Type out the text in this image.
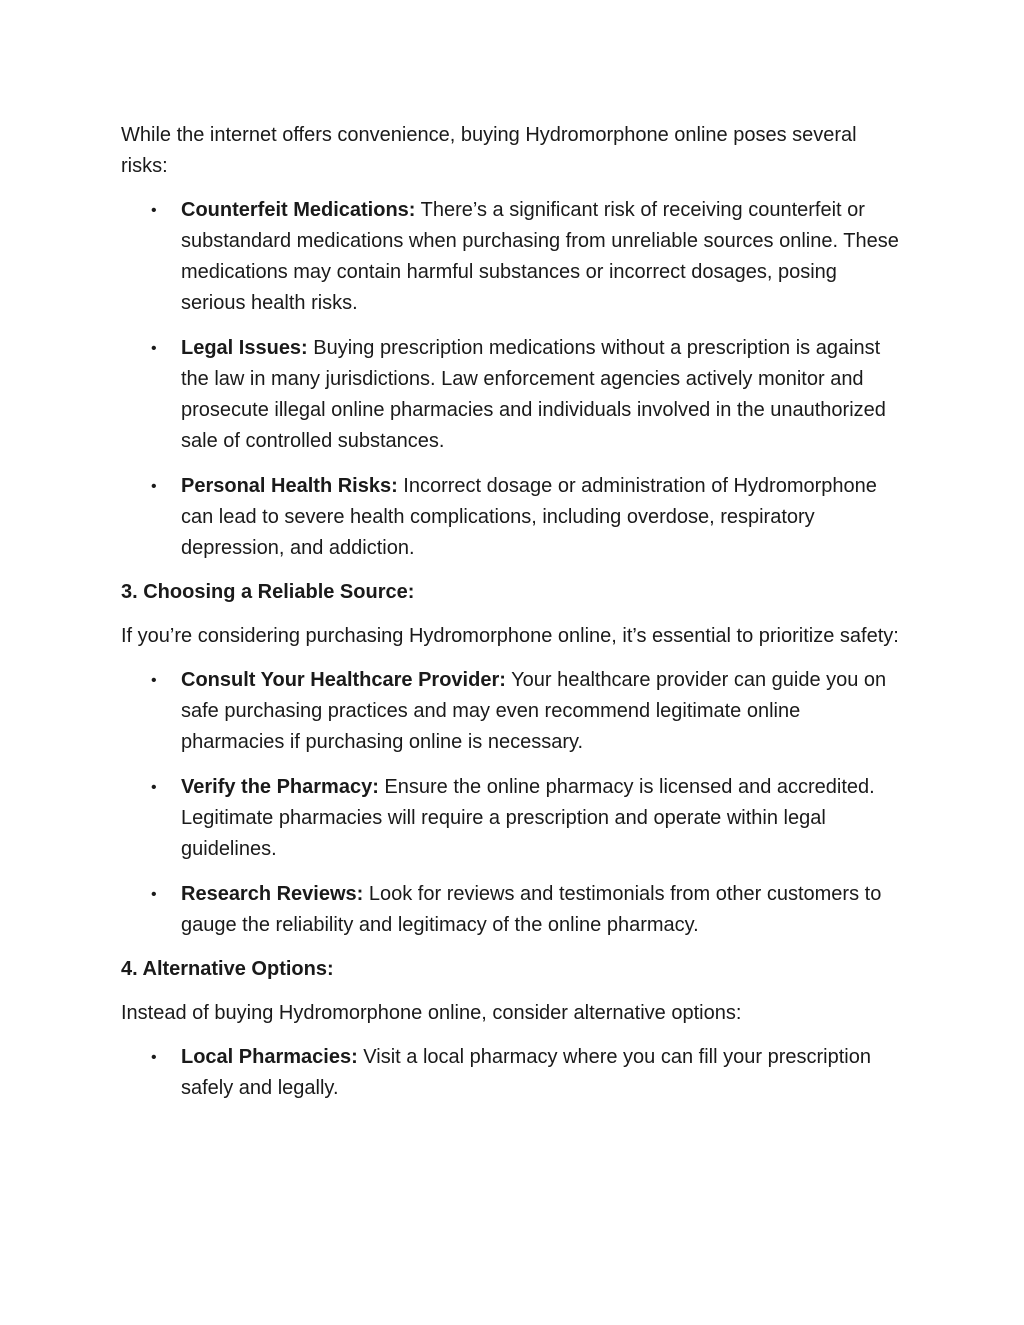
While the internet offers convenience, buying Hydromorphone online poses several risks:

• Counterfeit Medications: There’s a significant risk of receiving counterfeit or substandard medications when purchasing from unreliable sources online. These medications may contain harmful substances or incorrect dosages, posing serious health risks.
• Legal Issues: Buying prescription medications without a prescription is against the law in many jurisdictions. Law enforcement agencies actively monitor and prosecute illegal online pharmacies and individuals involved in the unauthorized sale of controlled substances.
• Personal Health Risks: Incorrect dosage or administration of Hydromorphone can lead to severe health complications, including overdose, respiratory depression, and addiction.

3. Choosing a Reliable Source:

If you’re considering purchasing Hydromorphone online, it’s essential to prioritize safety:

• Consult Your Healthcare Provider: Your healthcare provider can guide you on safe purchasing practices and may even recommend legitimate online pharmacies if purchasing online is necessary.
• Verify the Pharmacy: Ensure the online pharmacy is licensed and accredited. Legitimate pharmacies will require a prescription and operate within legal guidelines.
• Research Reviews: Look for reviews and testimonials from other customers to gauge the reliability and legitimacy of the online pharmacy.

4. Alternative Options:

Instead of buying Hydromorphone online, consider alternative options:

• Local Pharmacies: Visit a local pharmacy where you can fill your prescription safely and legally.
